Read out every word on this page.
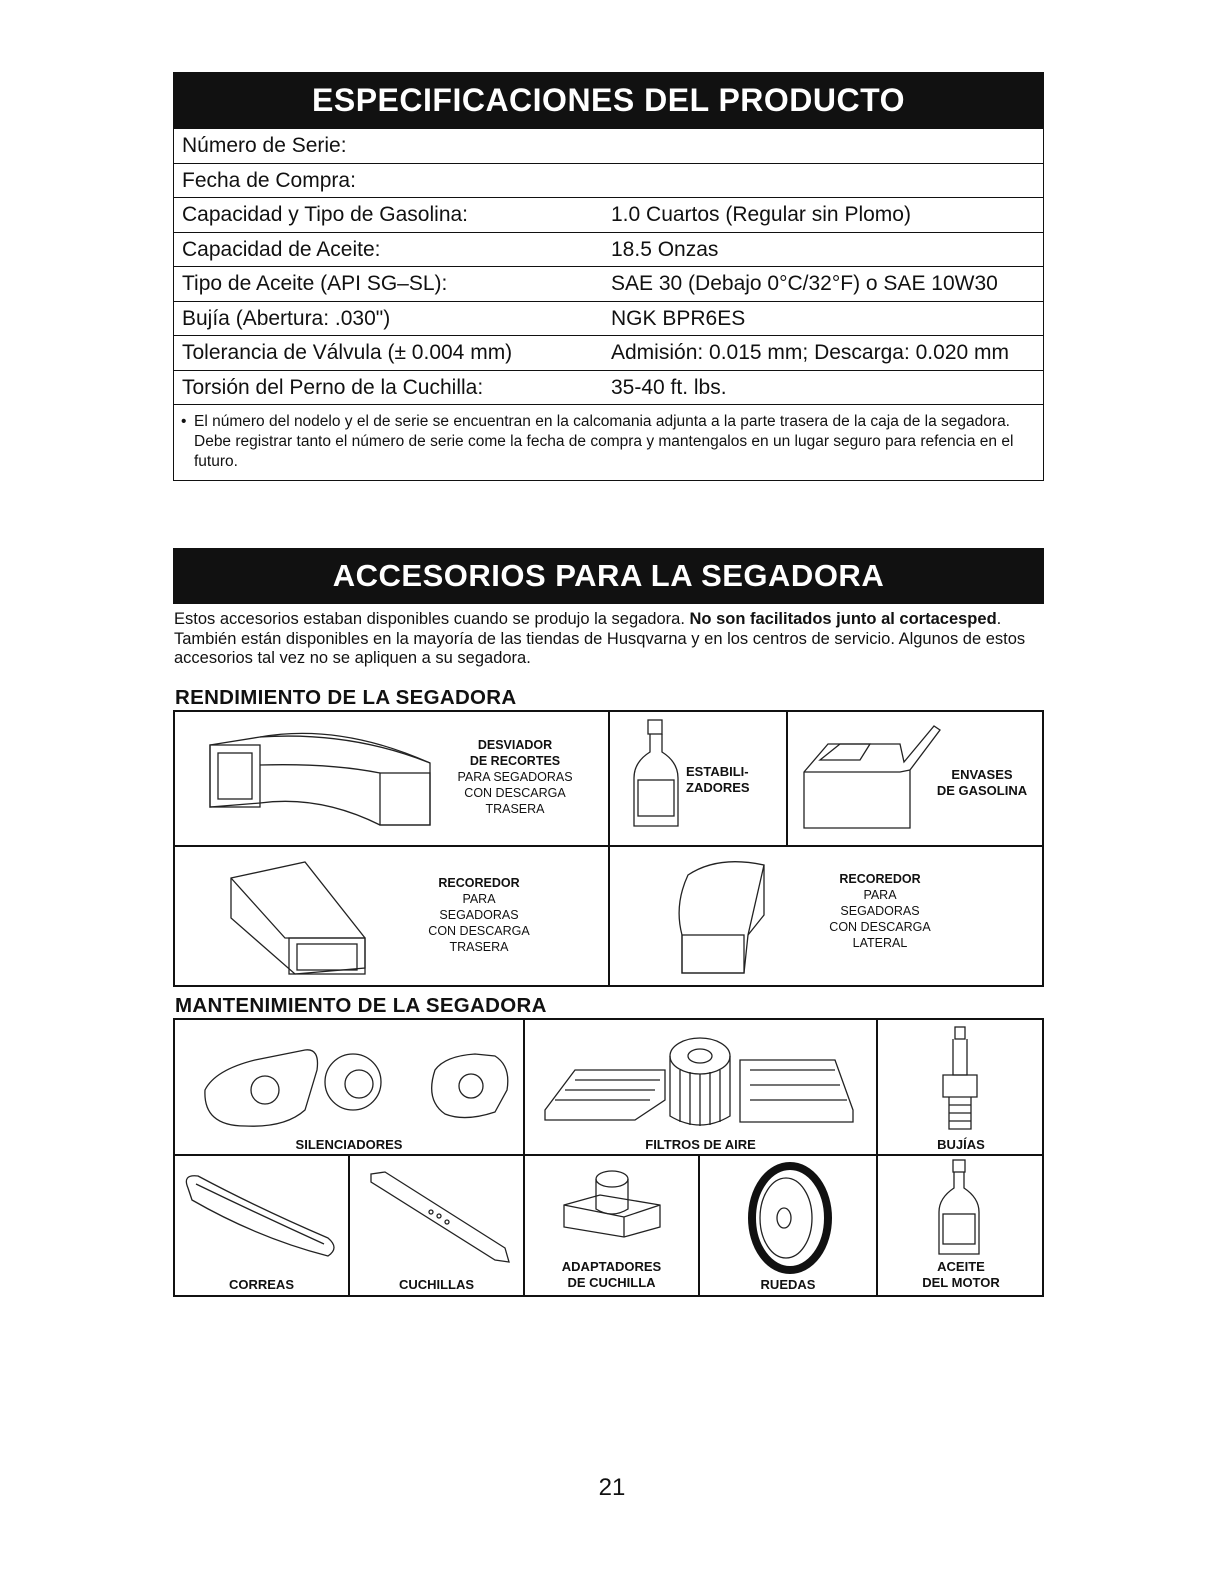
ESPECIFICACIONES DEL PRODUCTO
Número de Serie:
Fecha de Compra:
Capacidad y Tipo de Gasolina:	1.0 Cuartos (Regular sin Plomo)
Capacidad de Aceite:	18.5 Onzas
Tipo de Aceite (API SG–SL):	SAE 30 (Debajo 0°C/32°F) o SAE 10W30
Bujía (Abertura: .030")	NGK BPR6ES
Tolerancia de Válvula (± 0.004 mm)	Admisión: 0.015 mm; Descarga: 0.020 mm
Torsión del Perno de la Cuchilla:	35-40 ft. lbs.
• El número del nodelo y el de serie se encuentran en la calcomania adjunta a la parte trasera de la caja de la segadora. Debe registrar tanto el número de serie come la fecha de compra y mantengalos en un lugar seguro para refencia en el futuro.
ACCESORIOS PARA LA SEGADORA
Estos accesorios estaban disponibles cuando se produjo la segadora. No son facilitados junto al cortacesped. También están disponibles en la mayoría de las tiendas de Husqvarna y en los centros de servicio. Algunos de estos accesorios tal vez no se apliquen a su segadora.
RENDIMIENTO DE LA SEGADORA
DESVIADOR
DE RECORTES
PARA SEGADORAS
CON DESCARGA
TRASERA
ESTABILI-
ZADORES
ENVASES
DE GASOLINA
RECOREDOR
PARA
SEGADORAS
CON DESCARGA
TRASERA
RECOREDOR
PARA
SEGADORAS
CON DESCARGA
LATERAL
MANTENIMIENTO DE LA SEGADORA
SILENCIADORES	FILTROS DE AIRE	BUJÍAS
CORREAS	CUCHILLAS
ADAPTADORES
DE CUCHILLA	RUEDAS
ACEITE
DEL MOTOR
21
